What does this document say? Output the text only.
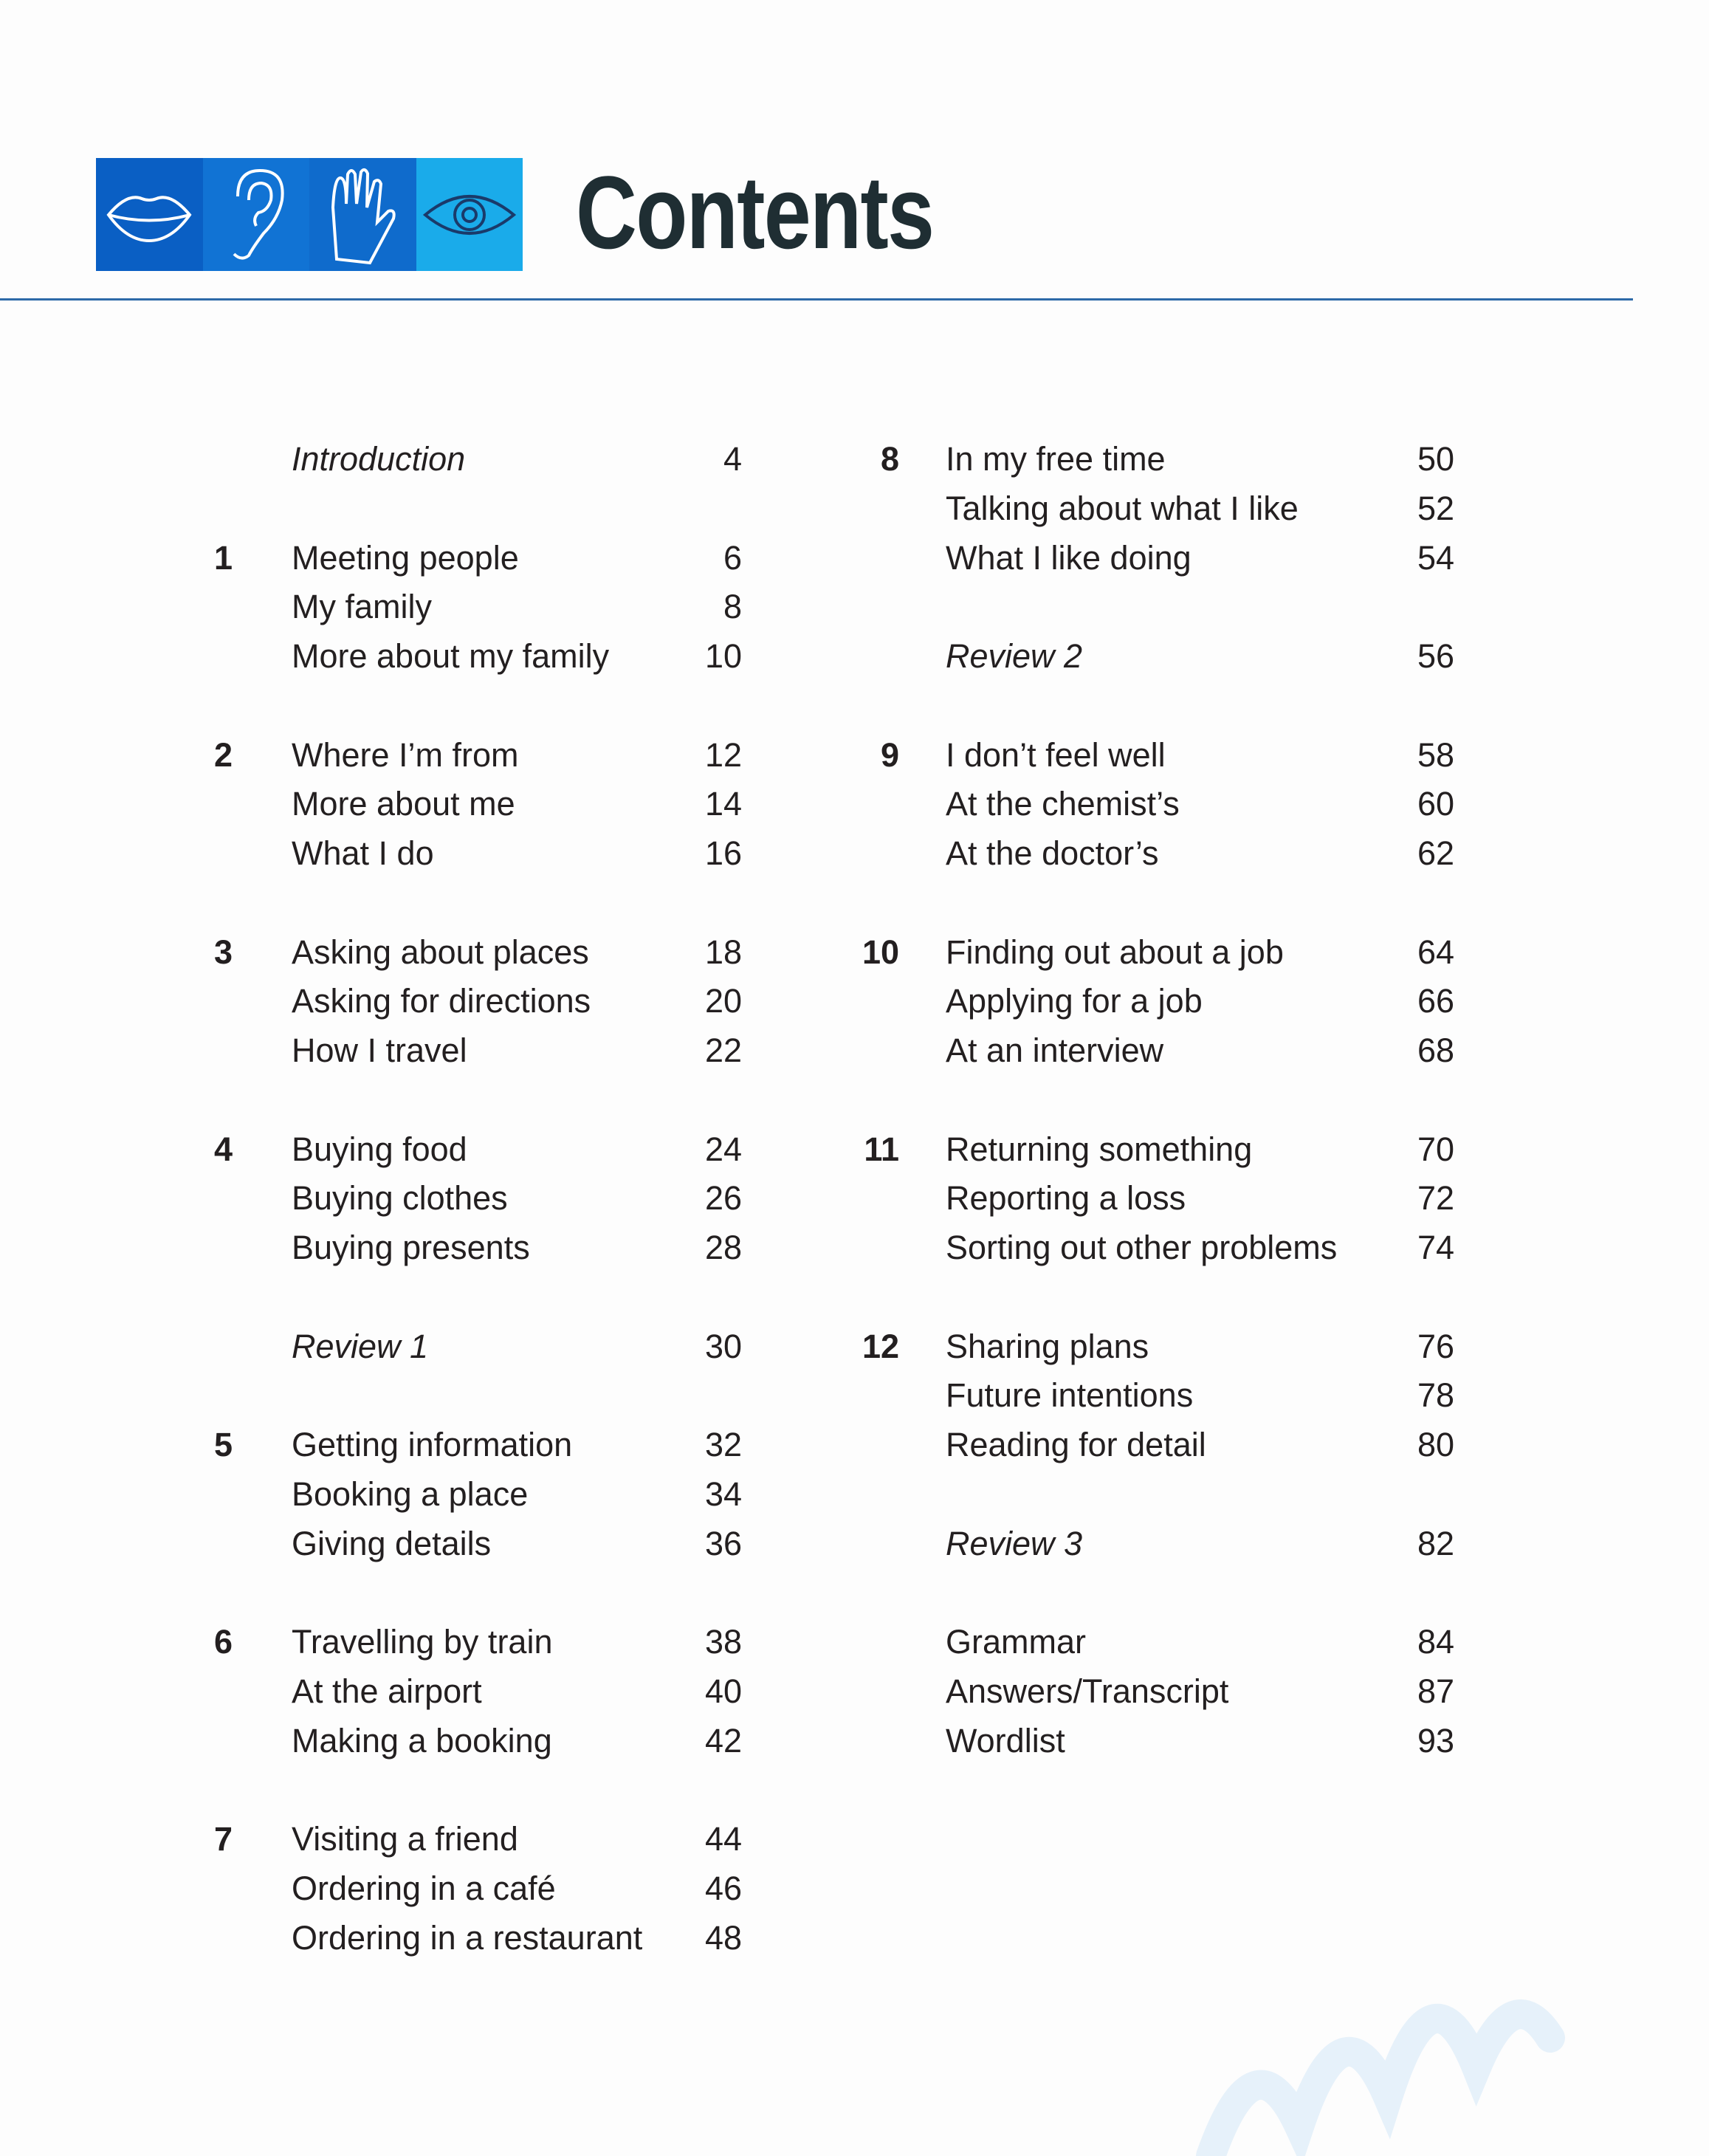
Contents
Introduction	4
1	Meeting people	6
My family	8
More about my family	10
2	Where I’m from	12
More about me	14
What I do	16
3	Asking about places	18
Asking for directions	20
How I travel	22
4	Buying food	24
Buying clothes	26
Buying presents	28
Review 1	30
5	Getting information	32
Booking a place	34
Giving details	36
6	Travelling by train	38
At the airport	40
Making a booking	42
7	Visiting a friend	44
Ordering in a café	46
Ordering in a restaurant	48
8 In my free time	50
Talking about what I like	52
What I like doing	54
Review 2	56
9 I don’t feel well	58
At the chemist’s	60
At the doctor’s	62
10 Finding out about a job	64
Applying for a job	66
At an interview	68
11 Returning something	70
Reporting a loss	72
Sorting out other problems	74
12 Sharing plans	76
Future intentions	78
Reading for detail	80
Review 3	82
Grammar	84
Answers/Transcript	87
Wordlist	93
